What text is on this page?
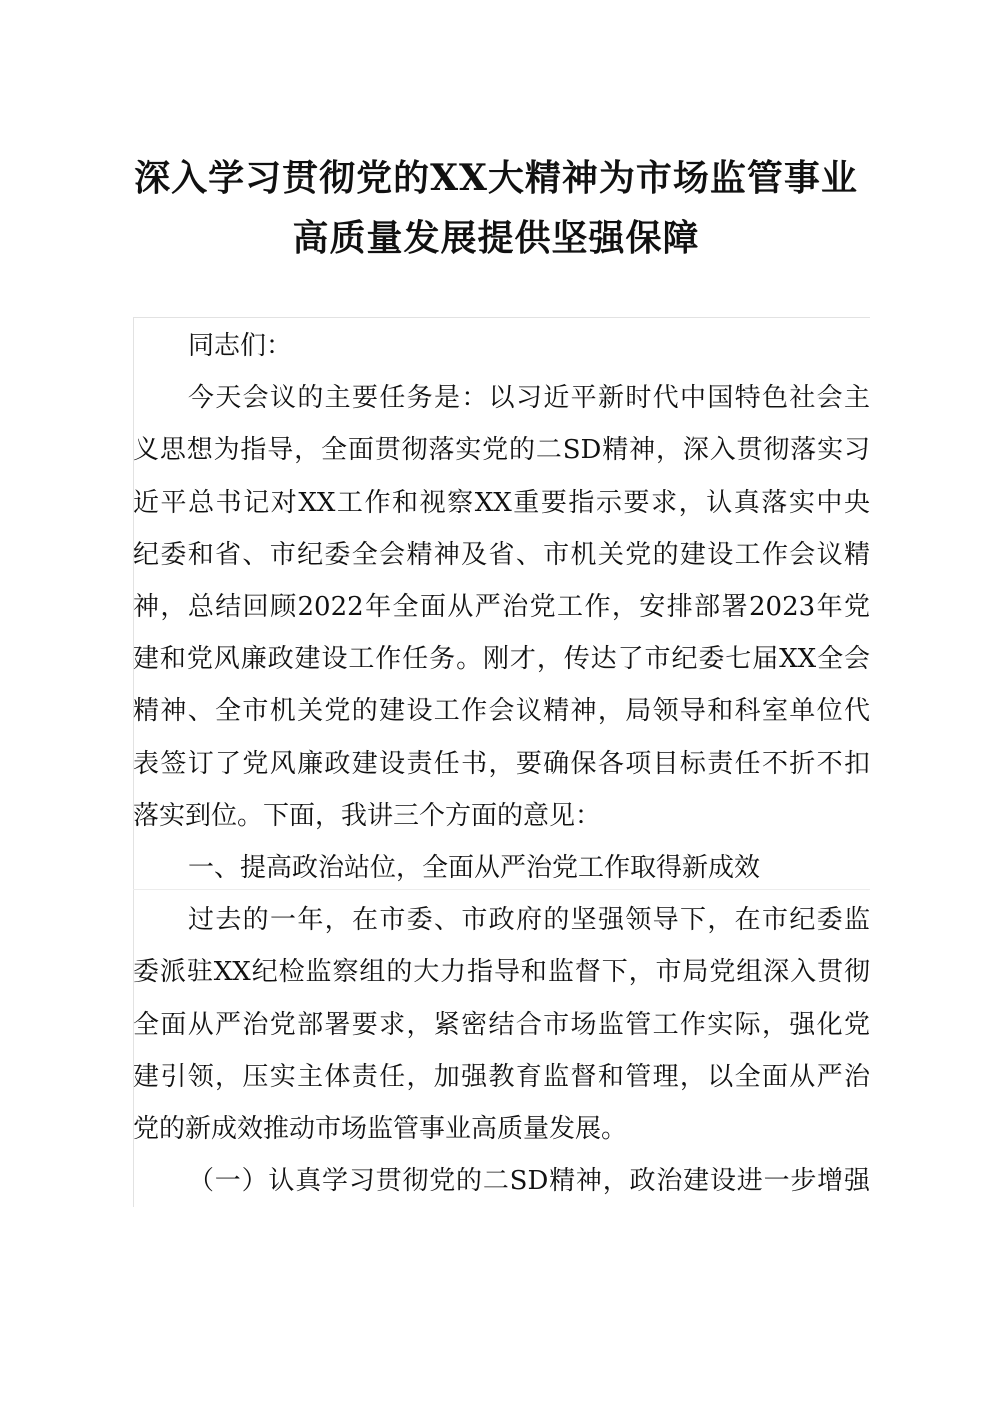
深入学习贯彻党的XX大精神为市场监管事业
高质量发展提供坚强保障
同志们：
今天会议的主要任务是：以习近平新时代中国特色社会主
义思想为指导，全面贯彻落实党的二SD精神，深入贯彻落实习
近平总书记对XX工作和视察XX重要指示要求，认真落实中央
纪委和省、市纪委全会精神及省、市机关党的建设工作会议精
神，总结回顾2022年全面从严治党工作，安排部署2023年党
建和党风廉政建设工作任务。刚才，传达了市纪委七届XX全会
精神、全市机关党的建设工作会议精神，局领导和科室单位代
表签订了党风廉政建设责任书，要确保各项目标责任不折不扣
落实到位。下面，我讲三个方面的意见：
一、提高政治站位，全面从严治党工作取得新成效
过去的一年，在市委、市政府的坚强领导下，在市纪委监
委派驻XX纪检监察组的大力指导和监督下，市局党组深入贯彻
全面从严治党部署要求，紧密结合市场监管工作实际，强化党
建引领，压实主体责任，加强教育监督和管理，以全面从严治
党的新成效推动市场监管事业高质量发展。
（一）认真学习贯彻党的二SD精神，政治建设进一步增强
